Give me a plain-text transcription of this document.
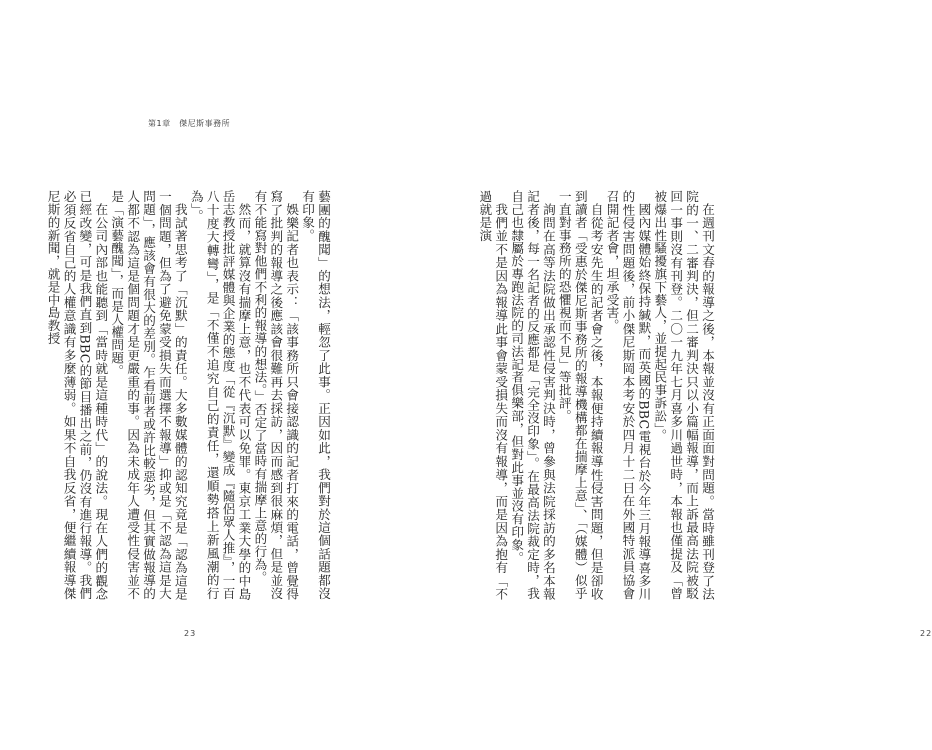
第1章　傑尼斯事務所

藝團的醜聞」的想法，輕忽了此事。正因如此，我們對於這個話題都沒有印象。

娛樂記者也表示：「該事務所只會接認識的記者打來的電話，曾覺得寫了批判的報導之後應該會很難再去採訪，因而感到很麻煩，但是並沒有不能寫對他們不利的報導的想法。」否定了當時有揣摩上意的行為。

然而，就算沒有揣摩上意，也不代表可以免罪。東京工業大學的中島岳志教授批評媒體與企業的態度「從『沉默』變成『隨侶眾人推』，一百八十度大轉彎」，是「不僅不追究自己的責任，還順勢搭上新風潮的行為」。

我試著思考了「沉默」的責任。大多數媒體的認知究竟是「認為這是一個問題，但為了避免蒙受損失而選擇不報導」抑或是「不認為這是大問題」，應該會有很大的差別。乍看前者或許比較惡劣，但其實做報導的人都不認為這是個問題才是更嚴重的事。因為未成年人遭受性侵害並不是「演藝醜聞」，而是人權問題。

在公司內部也能聽到「當時就是這種時代」的說法。現在人們的觀念已經改變，可是我們直到BBC的節目播出之前，仍沒有進行報導。我們必須反省自己的人權意識有多麼薄弱。如果不自我反省，便繼續報導傑尼斯的新聞，就是中島教授

23

在週刊文春的報導之後，本報並沒有正面面對問題。當時雖刊登了法院的一、二審判決，但二審判決只以小篇幅報導，而上訴最高法院被駁回一事則沒有刊登。二〇一九年七月喜多川過世時，本報也僅提及「曾被爆出性騷擾旗下藝人，並提起民事訴訟」。

國內媒體始終保持緘默，而英國的BBC電視台於今年三月報導喜多川的性侵害問題後，前小傑尼斯岡本考安於四月十二日在外國特派員協會召開記者會，坦承受害。

自從考安先生的記者會之後，本報便持續報導性侵害問題，但是卻收到讀者「受惠於傑尼斯事務所的報導機構都在揣摩上意」、「（媒體）似乎一直對事務所的恐懼視而不見」等批評。

詢問在高等法院做出承認性侵害判決時，曾參與法院採訪的多名本報記者後，每一名記者的反應都是「完全沒印象」。在最高法院裁定時，我自己也隸屬於專跑法院的司法記者俱樂部，但對此事並沒有印象。

我們並不是因為報導此事會蒙受損失而沒有報導，而是因為抱有「不過就是演

22
